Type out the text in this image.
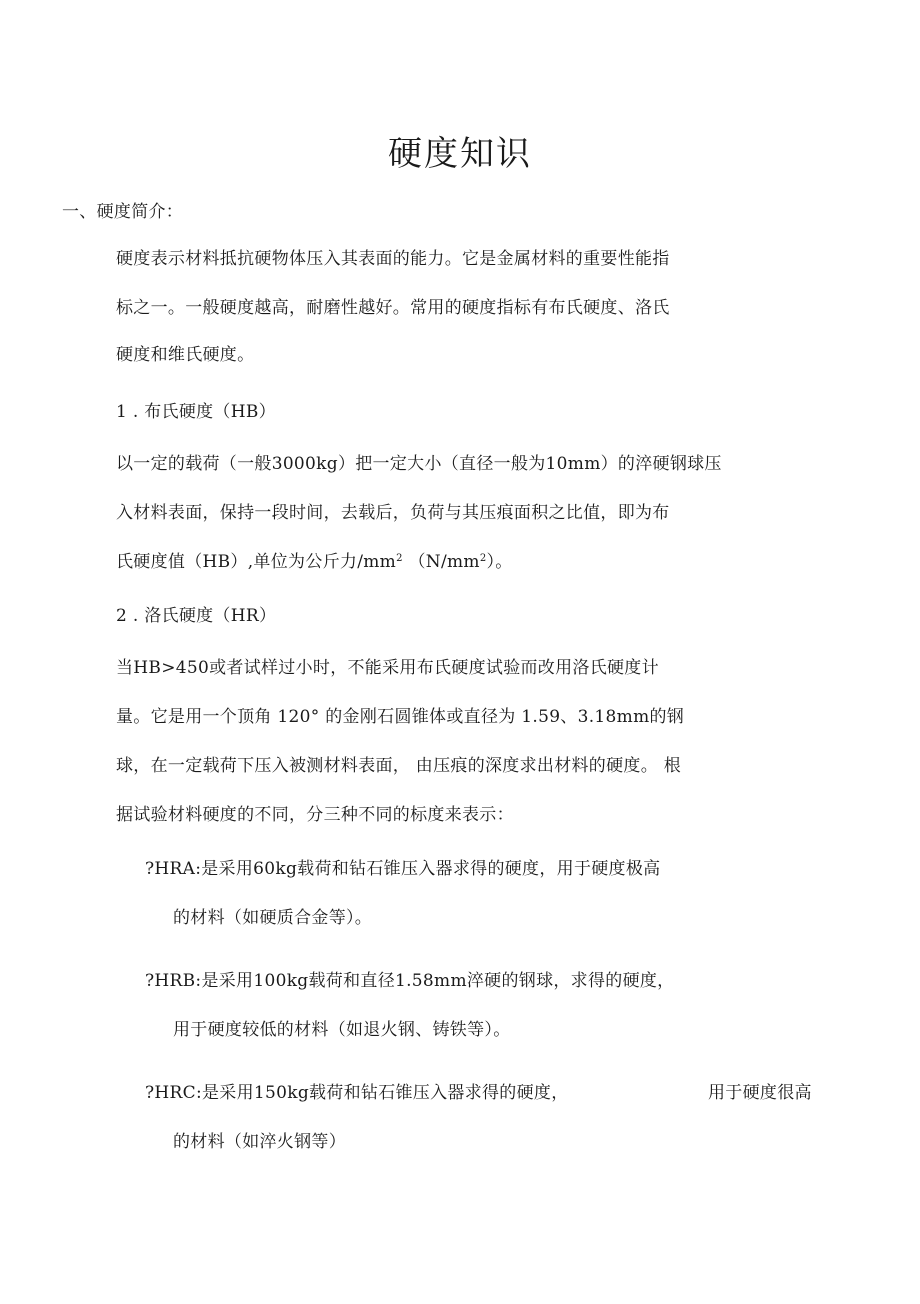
硬度知识
一、硬度简介：
硬度表示材料抵抗硬物体压入其表面的能力。它是金属材料的重要性能指
标之一。一般硬度越高，耐磨性越好。常用的硬度指标有布氏硬度、洛氏
硬度和维氏硬度。
1 . 布氏硬度（HB）
以一定的载荷（一般3000kg）把一定大小（直径一般为10mm）的淬硬钢球压
入材料表面，保持一段时间，去载后，负荷与其压痕面积之比值，即为布
氏硬度值（HB）,单位为公斤力$/mm^2$ $(N/mm^2)$。
2 . 洛氏硬度（HR）
当HB>450或者试样过小时，不能采用布氏硬度试验而改用洛氏硬度计
量。它是用一个顶角 120° 的金刚石圆锥体或直径为 1.59、3.18mm的钢
球，在一定载荷下压入被测材料表面， 由压痕的深度求出材料的硬度。 根
据试验材料硬度的不同，分三种不同的标度来表示：
?HRA:是采用60kg载荷和钻石锥压入器求得的硬度，用于硬度极高
的材料（如硬质合金等）。
?HRB:是采用100kg载荷和直径1.58mm淬硬的钢球，求得的硬度，
用于硬度较低的材料（如退火钢、铸铁等）。
?HRC:是采用150kg载荷和钻石锥压入器求得的硬度，	用于硬度很高
的材料（如淬火钢等）
